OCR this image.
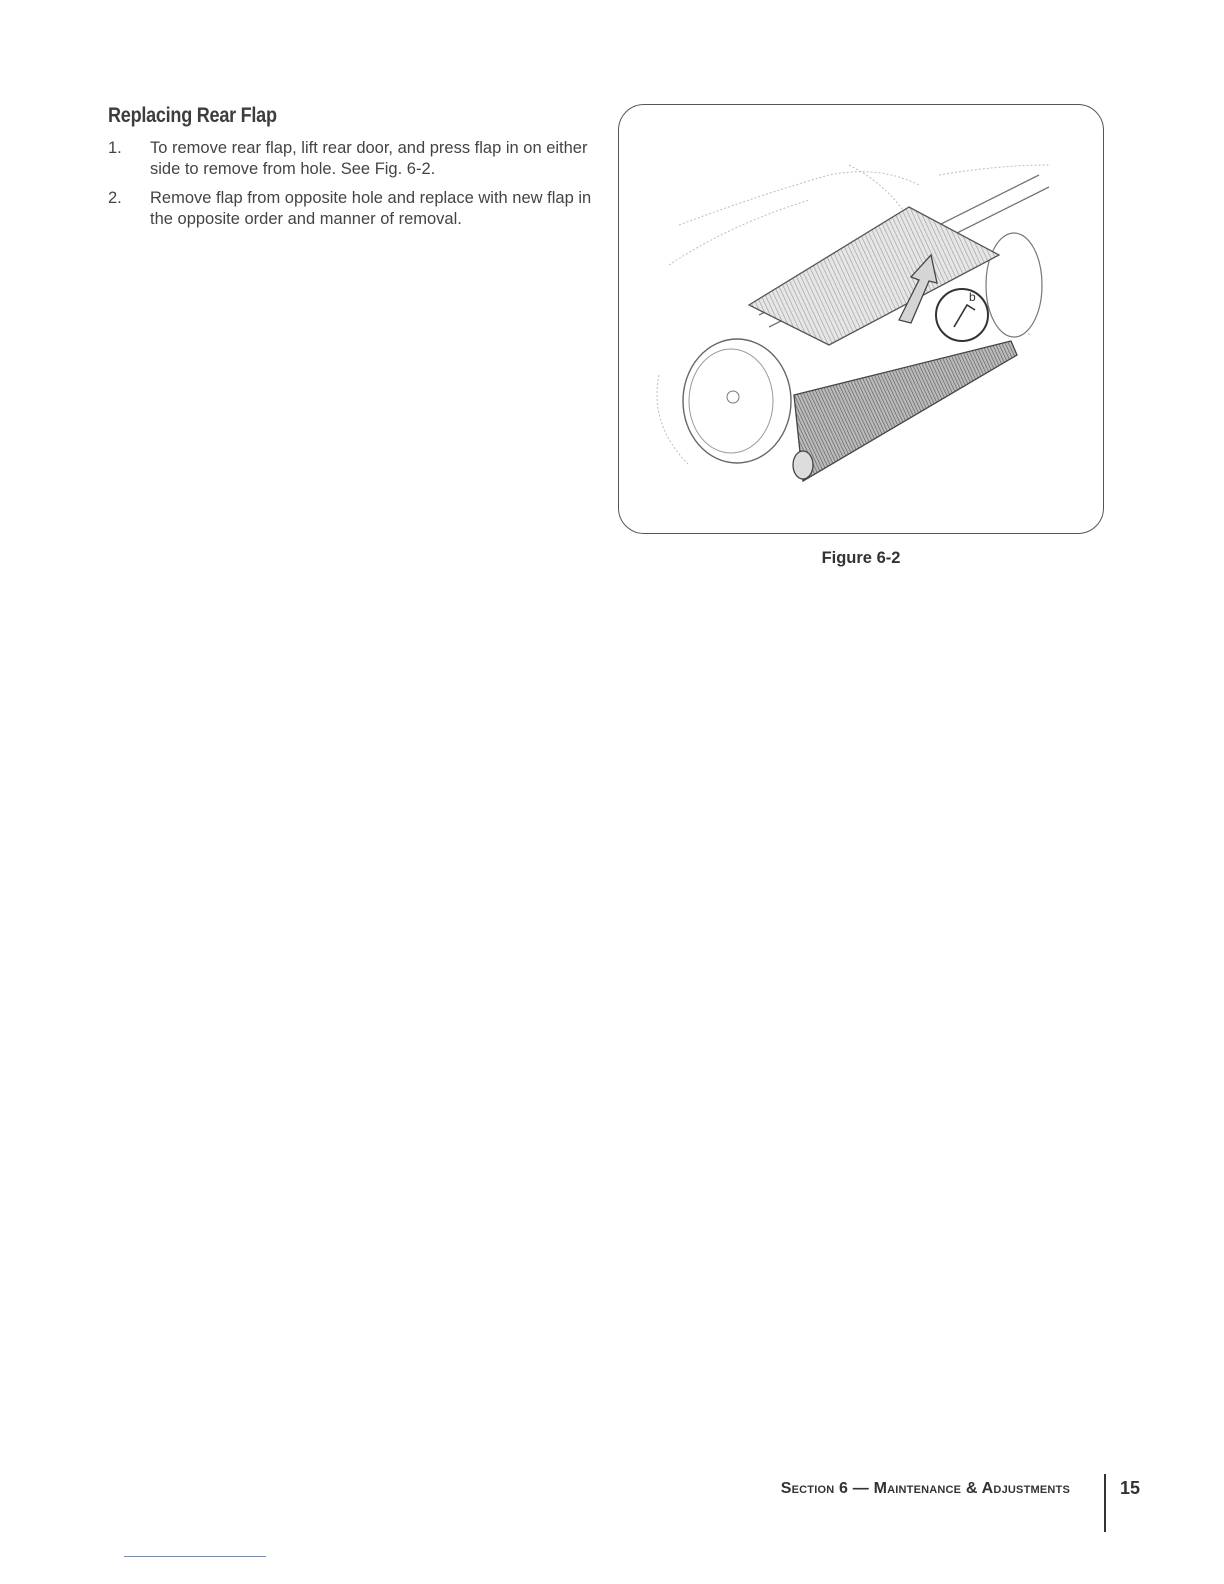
Replacing Rear Flap
1.	To remove rear flap, lift rear door, and press flap in on either side to remove from hole. See Fig. 6-2.
2.	Remove flap from opposite hole and replace with new flap in the opposite order and manner of removal.
b
Figure 6-2
Section 6 — Maintenance & Adjustments	15
